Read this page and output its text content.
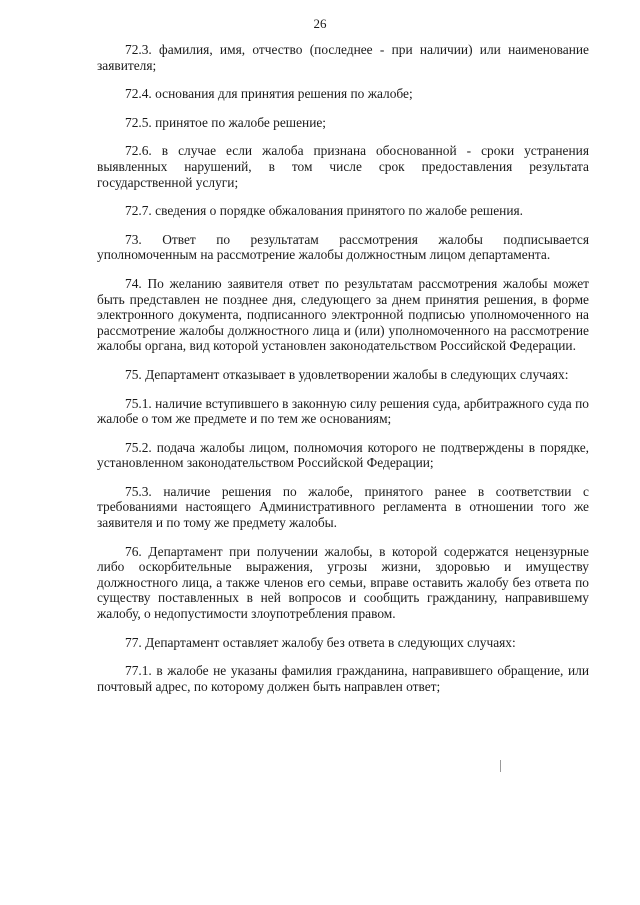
26

72.3. фамилия, имя, отчество (последнее - при наличии) или наименование заявителя;

72.4. основания для принятия решения по жалобе;

72.5. принятое по жалобе решение;

72.6. в случае если жалоба признана обоснованной - сроки устранения выявленных нарушений, в том числе срок предоставления результата государственной услуги;

72.7. сведения о порядке обжалования принятого по жалобе решения.

73. Ответ по результатам рассмотрения жалобы подписывается уполномоченным на рассмотрение жалобы должностным лицом департамента.

74. По желанию заявителя ответ по результатам рассмотрения жалобы может быть представлен не позднее дня, следующего за днем принятия решения, в форме электронного документа, подписанного электронной подписью уполномоченного на рассмотрение жалобы должностного лица и (или) уполномоченного на рассмотрение жалобы органа, вид которой установлен законодательством Российской Федерации.

75. Департамент отказывает в удовлетворении жалобы в следующих случаях:

75.1. наличие вступившего в законную силу решения суда, арбитражного суда по жалобе о том же предмете и по тем же основаниям;

75.2. подача жалобы лицом, полномочия которого не подтверждены в порядке, установленном законодательством Российской Федерации;

75.3. наличие решения по жалобе, принятого ранее в соответствии с требованиями настоящего Административного регламента в отношении того же заявителя и по тому же предмету жалобы.

76. Департамент при получении жалобы, в которой содержатся нецензурные либо оскорбительные выражения, угрозы жизни, здоровью и имуществу должностного лица, а также членов его семьи, вправе оставить жалобу без ответа по существу поставленных в ней вопросов и сообщить гражданину, направившему жалобу, о недопустимости злоупотребления правом.

77. Департамент оставляет жалобу без ответа в следующих случаях:

77.1. в жалобе не указаны фамилия гражданина, направившего обращение, или почтовый адрес, по которому должен быть направлен ответ;
